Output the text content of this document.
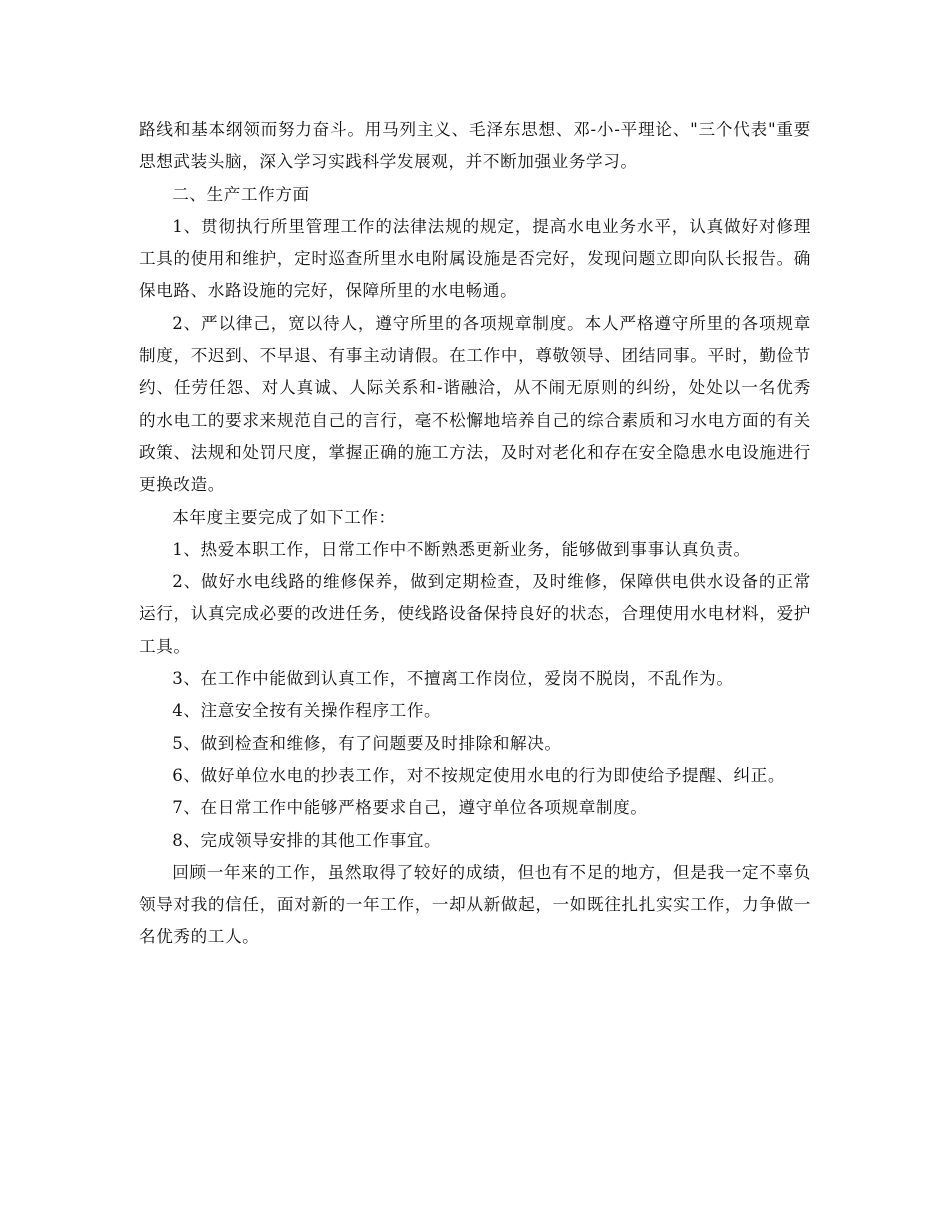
路线和基本纲领而努力奋斗。用马列主义、毛泽东思想、邓-小-平理论、"三个代表"重要思想武装头脑，深入学习实践科学发展观，并不断加强业务学习。

二、生产工作方面

1、贯彻执行所里管理工作的法律法规的规定，提高水电业务水平，认真做好对修理工具的使用和维护，定时巡查所里水电附属设施是否完好，发现问题立即向队长报告。确保电路、水路设施的完好，保障所里的水电畅通。

2、严以律己，宽以待人，遵守所里的各项规章制度。本人严格遵守所里的各项规章制度，不迟到、不早退、有事主动请假。在工作中，尊敬领导、团结同事。平时，勤俭节约、任劳任怨、对人真诚、人际关系和-谐融洽，从不闹无原则的纠纷，处处以一名优秀的水电工的要求来规范自己的言行，毫不松懈地培养自己的综合素质和习水电方面的有关政策、法规和处罚尺度，掌握正确的施工方法，及时对老化和存在安全隐患水电设施进行更换改造。

本年度主要完成了如下工作：

1、热爱本职工作，日常工作中不断熟悉更新业务，能够做到事事认真负责。

2、做好水电线路的维修保养，做到定期检查，及时维修，保障供电供水设备的正常运行，认真完成必要的改进任务，使线路设备保持良好的状态，合理使用水电材料，爱护工具。

3、在工作中能做到认真工作，不擅离工作岗位，爱岗不脱岗，不乱作为。

4、注意安全按有关操作程序工作。

5、做到检查和维修，有了问题要及时排除和解决。

6、做好单位水电的抄表工作，对不按规定使用水电的行为即使给予提醒、纠正。

7、在日常工作中能够严格要求自己，遵守单位各项规章制度。

8、完成领导安排的其他工作事宜。

回顾一年来的工作，虽然取得了较好的成绩，但也有不足的地方，但是我一定不辜负领导对我的信任，面对新的一年工作，一却从新做起，一如既往扎扎实实工作，力争做一名优秀的工人。
